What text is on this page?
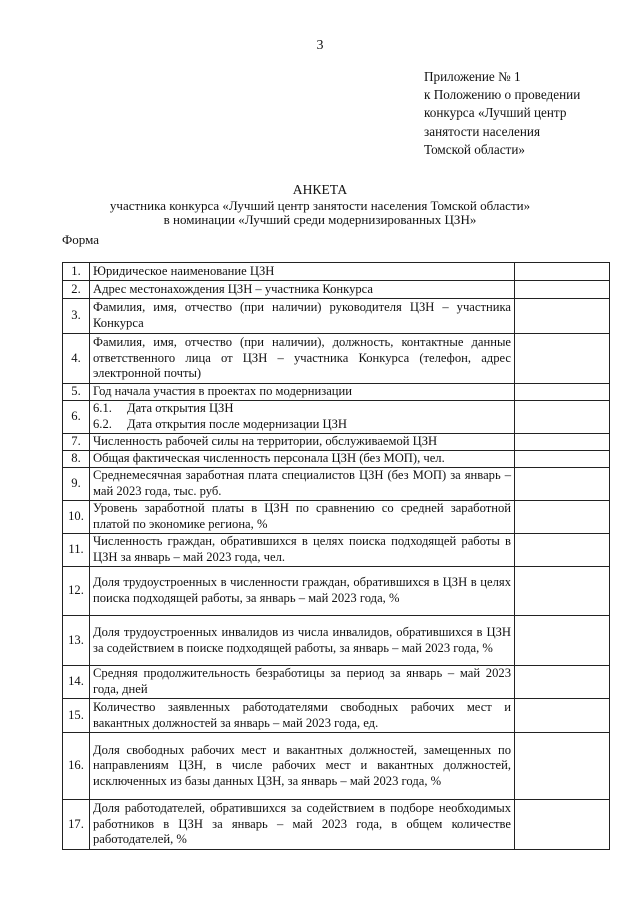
3
Приложение № 1
к Положению о проведении
конкурса «Лучший центр
занятости населения
Томской области»
АНКЕТА
участника конкурса «Лучший центр занятости населения Томской области»
в номинации «Лучший среди модернизированных ЦЗН»
Форма
1.	Юридическое наименование ЦЗН	
2.	Адрес местонахождения ЦЗН – участника Конкурса	
3.	Фамилия, имя, отчество (при наличии) руководителя ЦЗН – участника Конкурса	
4.	Фамилия, имя, отчество (при наличии), должность, контактные данные ответственного лица от ЦЗН – участника Конкурса (телефон, адрес электронной почты)	
5.	Год начала участия в проектах по модернизации	
6.	6.1. Дата открытия ЦЗН
6.2. Дата открытия после модернизации ЦЗН	

7.	Численность рабочей силы на территории, обслуживаемой ЦЗН	
8.	Общая фактическая численность персонала ЦЗН (без МОП), чел.	
9.	Среднемесячная заработная плата специалистов ЦЗН (без МОП) за январь – май 2023 года, тыс. руб.	
10.	Уровень заработной платы в ЦЗН по сравнению со средней заработной платой по экономике региона, %	
11.	Численность граждан, обратившихся в целях поиска подходящей работы в ЦЗН за январь – май 2023 года, чел.	
12.	Доля трудоустроенных в численности граждан, обратившихся в ЦЗН в целях поиска подходящей работы, за январь – май 2023 года, %	
13.	Доля трудоустроенных инвалидов из числа инвалидов, обратившихся в ЦЗН за содействием в поиске подходящей работы, за январь – май 2023 года, %	
14.	Средняя продолжительность безработицы за период за январь – май 2023 года, дней	
15.	Количество заявленных работодателями свободных рабочих мест и вакантных должностей за январь – май 2023 года, ед.	
16.	Доля свободных рабочих мест и вакантных должностей, замещенных по направлениям ЦЗН, в числе рабочих мест и вакантных должностей, исключенных из базы данных ЦЗН, за январь – май 2023 года, %	
17.	Доля работодателей, обратившихся за содействием в подборе необходимых работников в ЦЗН за январь – май 2023 года, в общем количестве работодателей, %	
